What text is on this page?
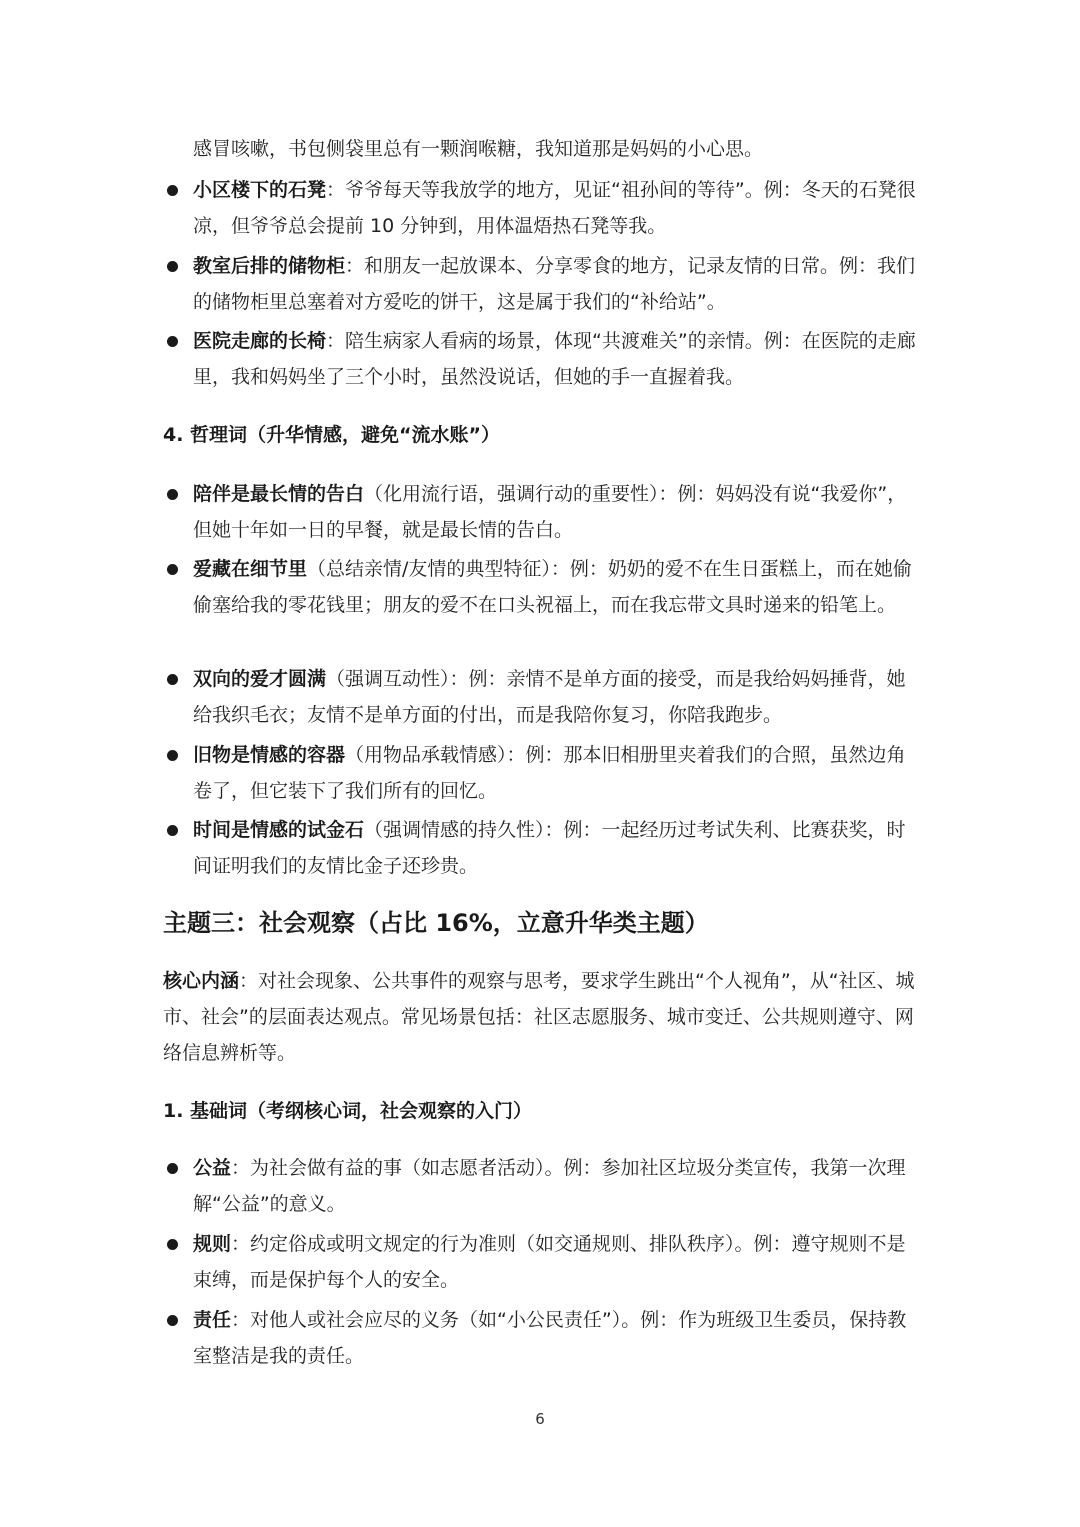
感冒咳嗽，书包侧袋里总有一颗润喉糖，我知道那是妈妈的小心思。
小区楼下的石凳：爷爷每天等我放学的地方，见证“祖孙间的等待”。例：冬天的石凳很凉，但爷爷总会提前 10 分钟到，用体温焐热石凳等我。
教室后排的储物柜：和朋友一起放课本、分享零食的地方，记录友情的日常。例：我们的储物柜里总塞着对方爱吃的饼干，这是属于我们的“补给站”。
医院走廊的长椅：陪生病家人看病的场景，体现“共渡难关”的亲情。例：在医院的走廊里，我和妈妈坐了三个小时，虽然没说话，但她的手一直握着我。
4. 哲理词（升华情感，避免“流水账”）
陪伴是最长情的告白（化用流行语，强调行动的重要性）：例：妈妈没有说“我爱你”，但她十年如一日的早餐，就是最长情的告白。
爱藏在细节里（总结亲情/友情的典型特征）：例：奶奶的爱不在生日蛋糕上，而在她偷偷塞给我的零花钱里；朋友的爱不在口头祝福上，而在我忘带文具时递来的铅笔上。
双向的爱才圆满（强调互动性）：例：亲情不是单方面的接受，而是我给妈妈捶背，她给我织毛衣；友情不是单方面的付出，而是我陪你复习，你陪我跑步。
旧物是情感的容器（用物品承载情感）：例：那本旧相册里夹着我们的合照，虽然边角卷了，但它装下了我们所有的回忆。
时间是情感的试金石（强调情感的持久性）：例：一起经历过考试失利、比赛获奖，时间证明我们的友情比金子还珍贵。
主题三：社会观察（占比 16%，立意升华类主题）
核心内涵：对社会现象、公共事件的观察与思考，要求学生跳出“个人视角”，从“社区、城市、社会”的层面表达观点。常见场景包括：社区志愿服务、城市变迁、公共规则遵守、网络信息辨析等。
1. 基础词（考纲核心词，社会观察的入门）
公益：为社会做有益的事（如志愿者活动）。例：参加社区垃圾分类宣传，我第一次理解“公益”的意义。
规则：约定俗成或明文规定的行为准则（如交通规则、排队秩序）。例：遵守规则不是束缚，而是保护每个人的安全。
责任：对他人或社会应尽的义务（如“小公民责任”）。例：作为班级卫生委员，保持教室整洁是我的责任。
6
